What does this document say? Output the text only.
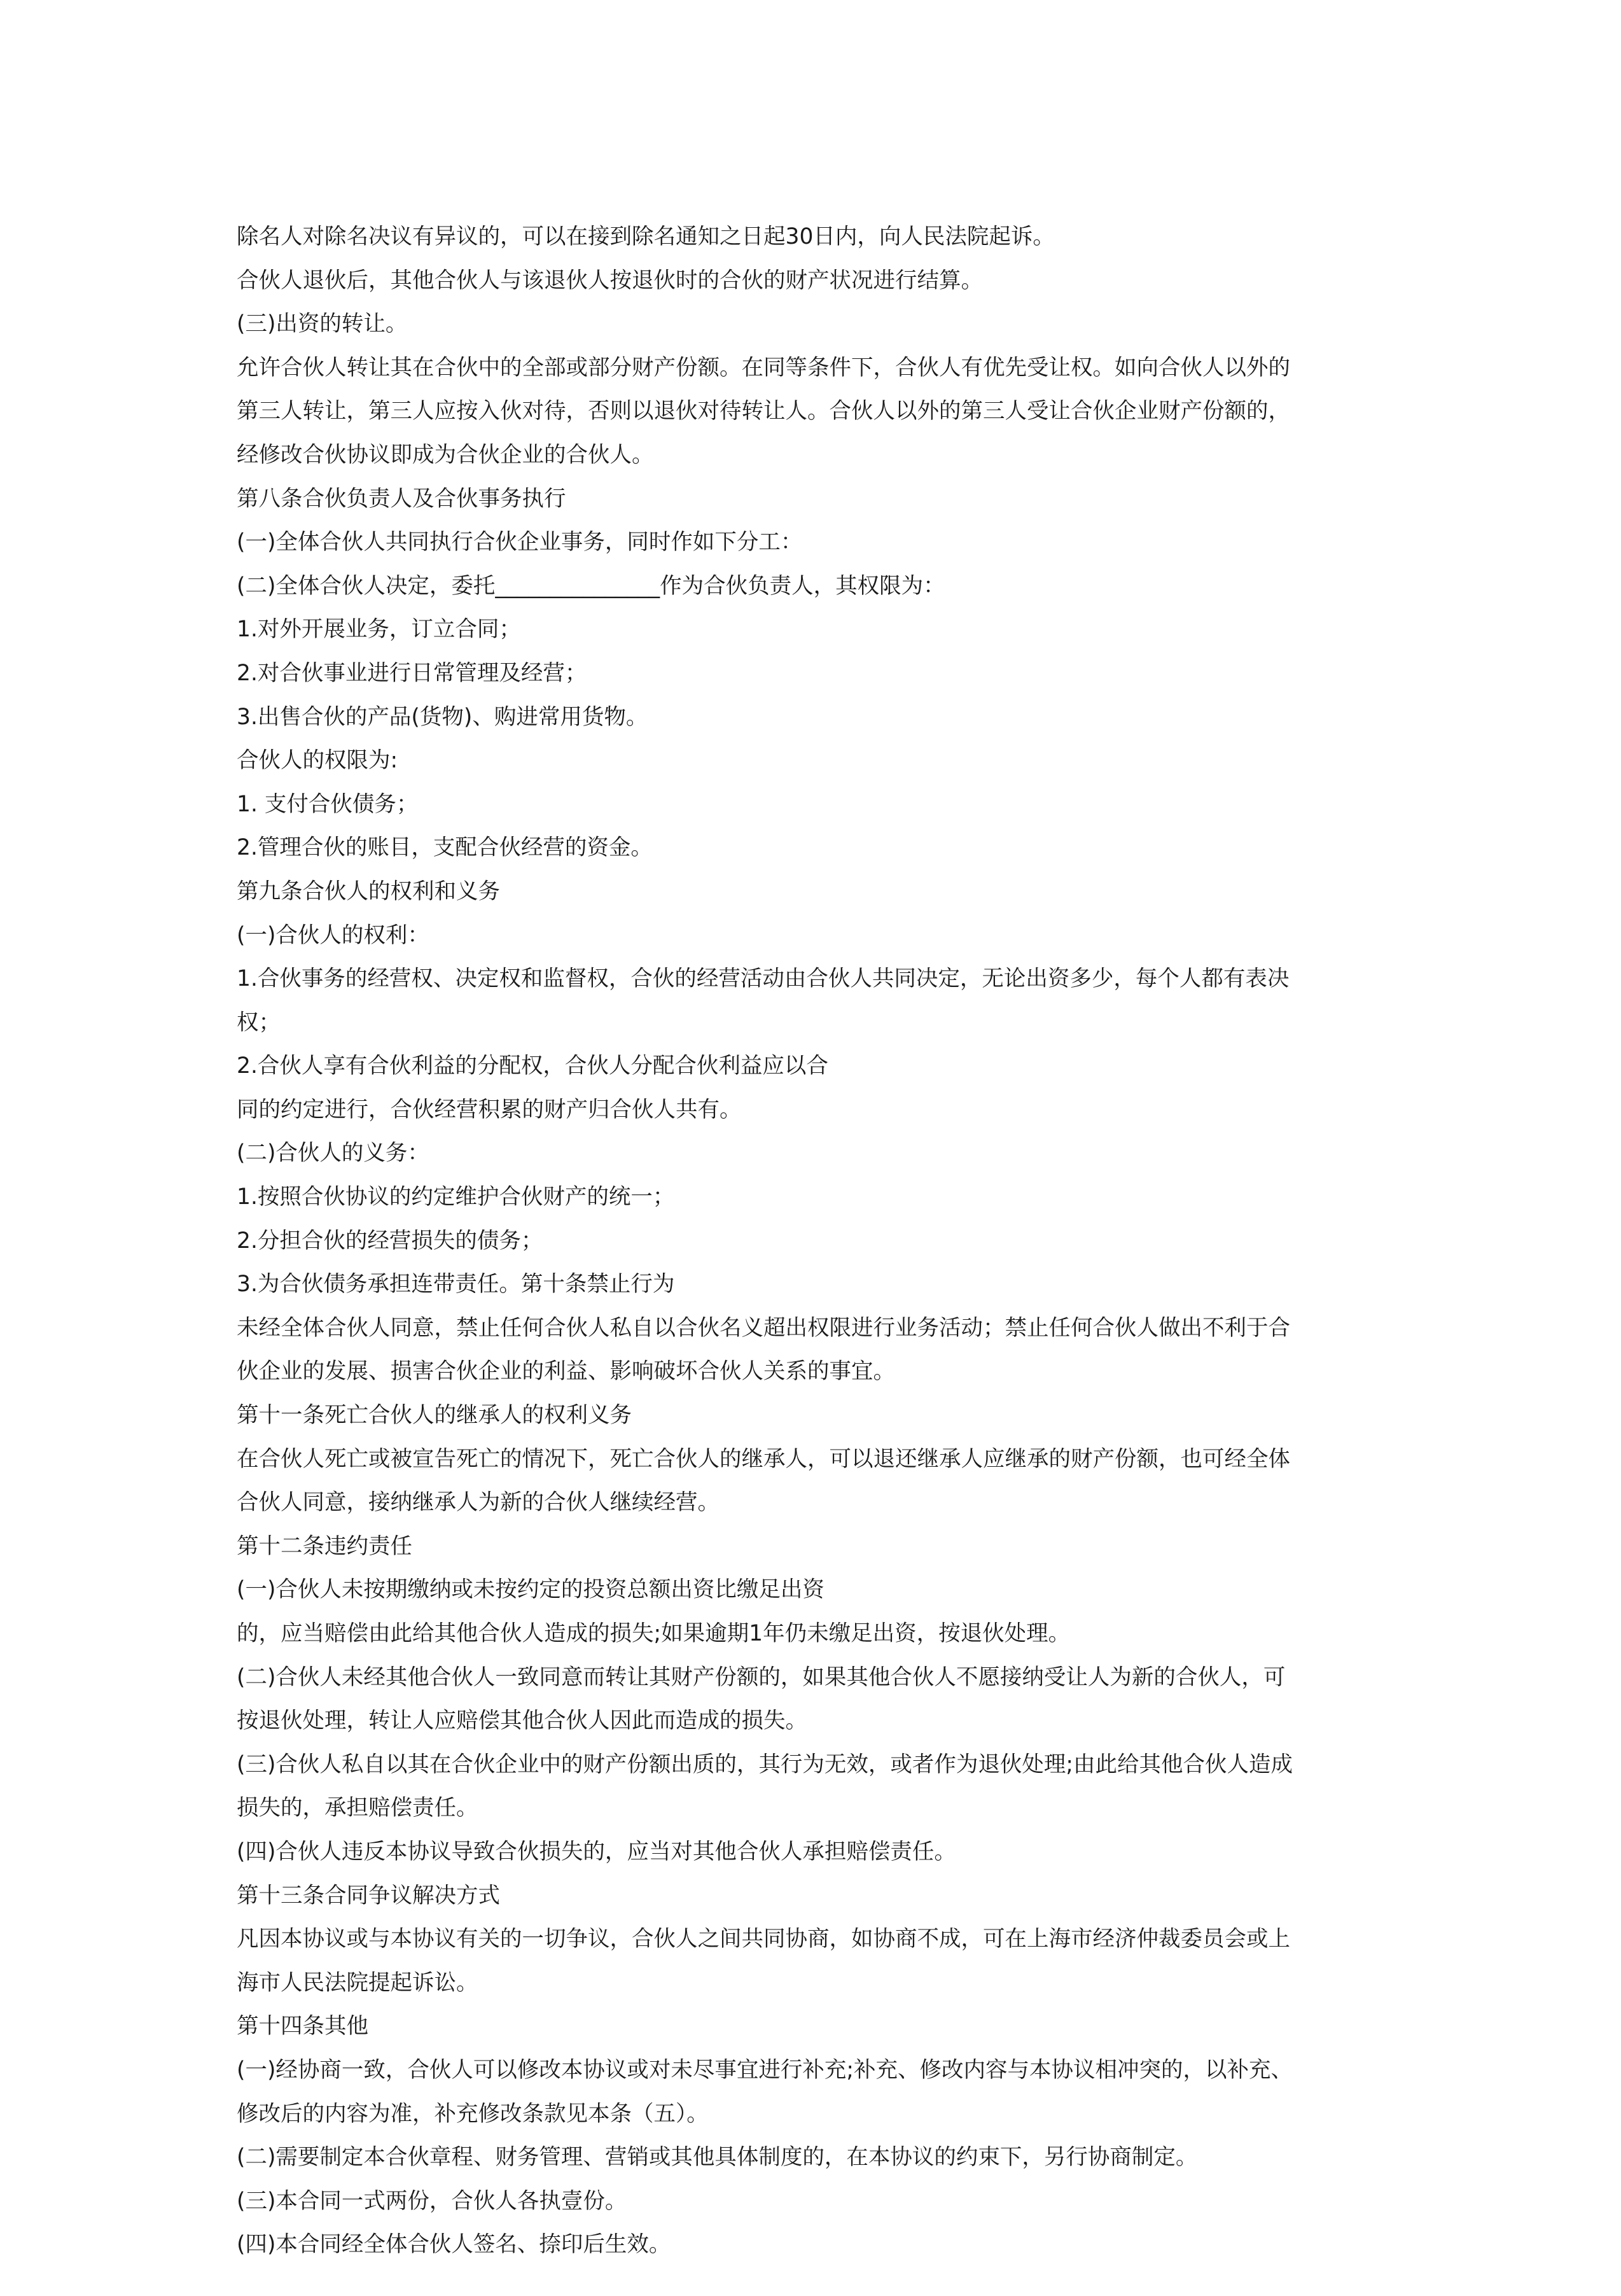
除名人对除名决议有异议的，可以在接到除名通知之日起30日内，向人民法院起诉。

合伙人退伙后，其他合伙人与该退伙人按退伙时的合伙的财产状况进行结算。

(三)出资的转让。

允许合伙人转让其在合伙中的全部或部分财产份额。在同等条件下，合伙人有优先受让权。如向合伙人以外的

第三人转让，第三人应按入伙对待，否则以退伙对待转让人。合伙人以外的第三人受让合伙企业财产份额的，

经修改合伙协议即成为合伙企业的合伙人。

第八条合伙负责人及合伙事务执行

(一)全体合伙人共同执行合伙企业事务，同时作如下分工：

(二)全体合伙人决定，委托_______________作为合伙负责人，其权限为：

1.对外开展业务，订立合同；

2.对合伙事业进行日常管理及经营；

3.出售合伙的产品(货物)、购进常用货物。

合伙人的权限为:

1. 支付合伙债务；

2.管理合伙的账目，支配合伙经营的资金。

第九条合伙人的权利和义务

(一)合伙人的权利：

1.合伙事务的经营权、决定权和监督权，合伙的经营活动由合伙人共同决定，无论出资多少，每个人都有表决

权；

2.合伙人享有合伙利益的分配权，合伙人分配合伙利益应以合

同的约定进行，合伙经营积累的财产归合伙人共有。

(二)合伙人的义务：

1.按照合伙协议的约定维护合伙财产的统一；

2.分担合伙的经营损失的债务；

3.为合伙债务承担连带责任。第十条禁止行为

未经全体合伙人同意，禁止任何合伙人私自以合伙名义超出权限进行业务活动；禁止任何合伙人做出不利于合

伙企业的发展、损害合伙企业的利益、影响破坏合伙人关系的事宜。

第十一条死亡合伙人的继承人的权利义务

在合伙人死亡或被宣告死亡的情况下，死亡合伙人的继承人，可以退还继承人应继承的财产份额，也可经全体

合伙人同意，接纳继承人为新的合伙人继续经营。

第十二条违约责任

(一)合伙人未按期缴纳或未按约定的投资总额出资比缴足出资

的，应当赔偿由此给其他合伙人造成的损失;如果逾期1年仍未缴足出资，按退伙处理。

(二)合伙人未经其他合伙人一致同意而转让其财产份额的，如果其他合伙人不愿接纳受让人为新的合伙人，可

按退伙处理，转让人应赔偿其他合伙人因此而造成的损失。

(三)合伙人私自以其在合伙企业中的财产份额出质的，其行为无效，或者作为退伙处理;由此给其他合伙人造成

损失的，承担赔偿责任。

(四)合伙人违反本协议导致合伙损失的，应当对其他合伙人承担赔偿责任。

第十三条合同争议解决方式

凡因本协议或与本协议有关的一切争议，合伙人之间共同协商，如协商不成，可在上海市经济仲裁委员会或上

海市人民法院提起诉讼。

第十四条其他

(一)经协商一致，合伙人可以修改本协议或对未尽事宜进行补充;补充、修改内容与本协议相冲突的，以补充、

修改后的内容为准，补充修改条款见本条（五）。

(二)需要制定本合伙章程、财务管理、营销或其他具体制度的，在本协议的约束下，另行协商制定。

(三)本合同一式两份，合伙人各执壹份。

(四)本合同经全体合伙人签名、捺印后生效。
